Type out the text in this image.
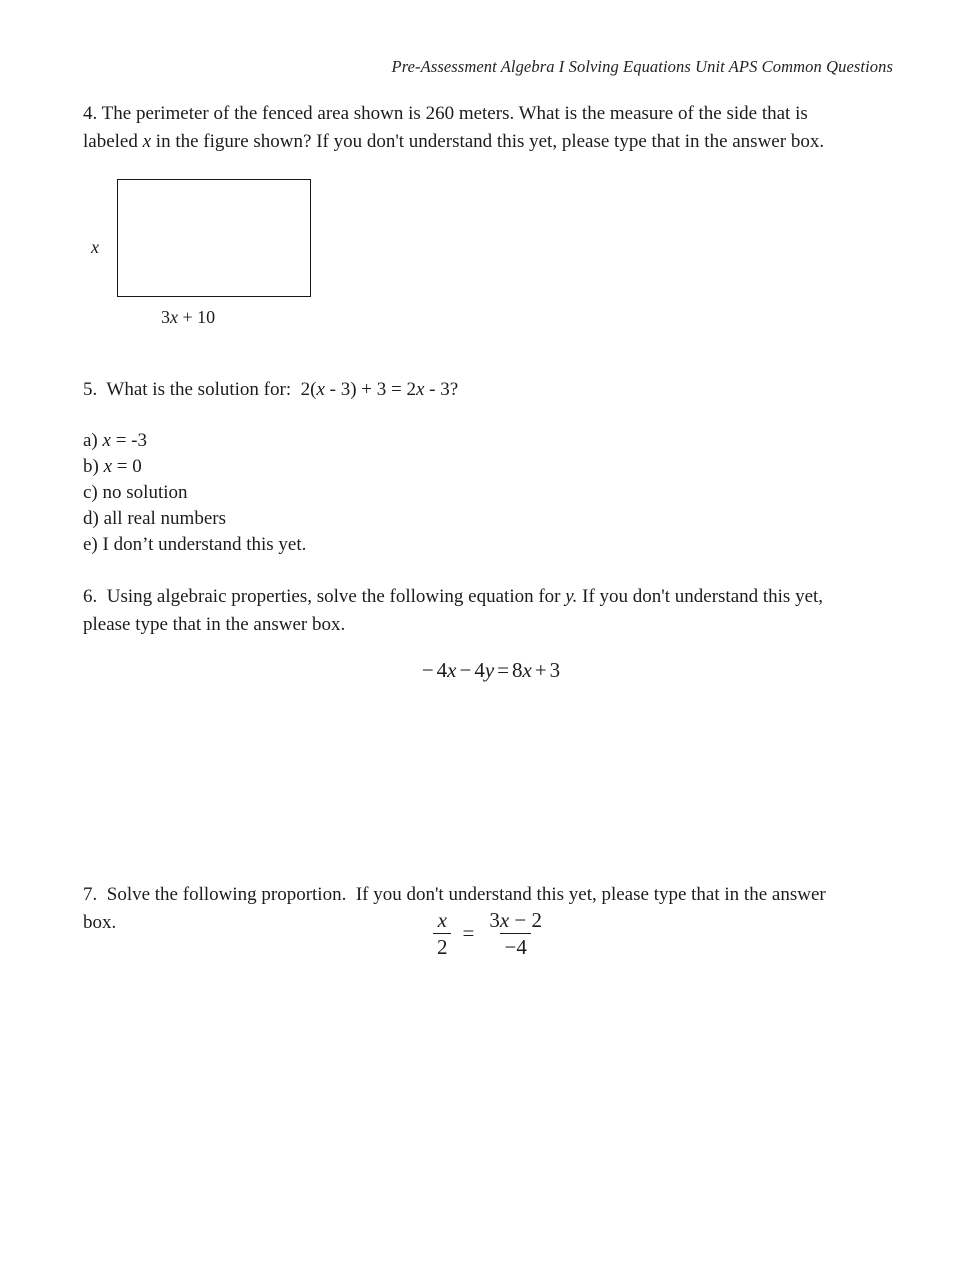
Pre-Assessment Algebra I Solving Equations Unit APS Common Questions
4. The perimeter of the fenced area shown is 260 meters. What is the measure of the side that is
labeled x in the figure shown? If you don't understand this yet, please type that in the answer box.
x
3x + 10
5.  What is the solution for:  2(x - 3) + 3 = 2x - 3?
a) x = -3
b) x = 0
c) no solution
d) all real numbers
e) I don’t understand this yet.
6.  Using algebraic properties, solve the following equation for y. If you don't understand this yet,
please type that in the answer box.
− 4x − 4y = 8x + 3
7.  Solve the following proportion.  If you don't understand this yet, please type that in the answer
box.	$\frac{x}{2} = \frac{3x - 2}{-4}$
